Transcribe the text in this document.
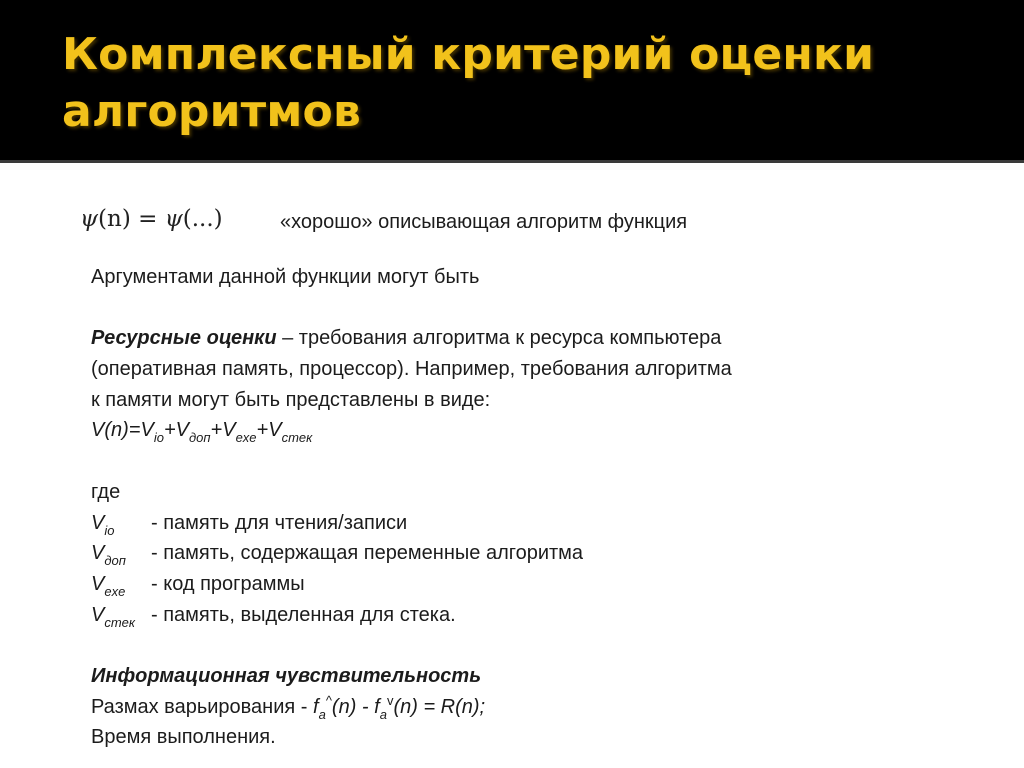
Комплексный критерий оценки
алгоритмов
ψ(n) = ψ(...)	«хорошо» описывающая алгоритм функция
Аргументами данной функции могут быть
Ресурсные оценки – требования алгоритма к ресурса компьютера
(оперативная память, процессор). Например, требования алгоритма
к памяти могут быть представлены в виде:
$V(n)=V_{io}+V_{доп}+V_{exe}+V_{стек}$
где
$V_{io}$ - память для чтения/записи
$V_{доп}$ - память, содержащая переменные алгоритма
$V_{exe}$ - код программы
$V_{стек}$ - память, выделенная для стека.
Информационная чувствительность
Размах варьирования - $f_a^{\^{}}(n) - f_a^v(n) = R(n)$;
Время выполнения.
